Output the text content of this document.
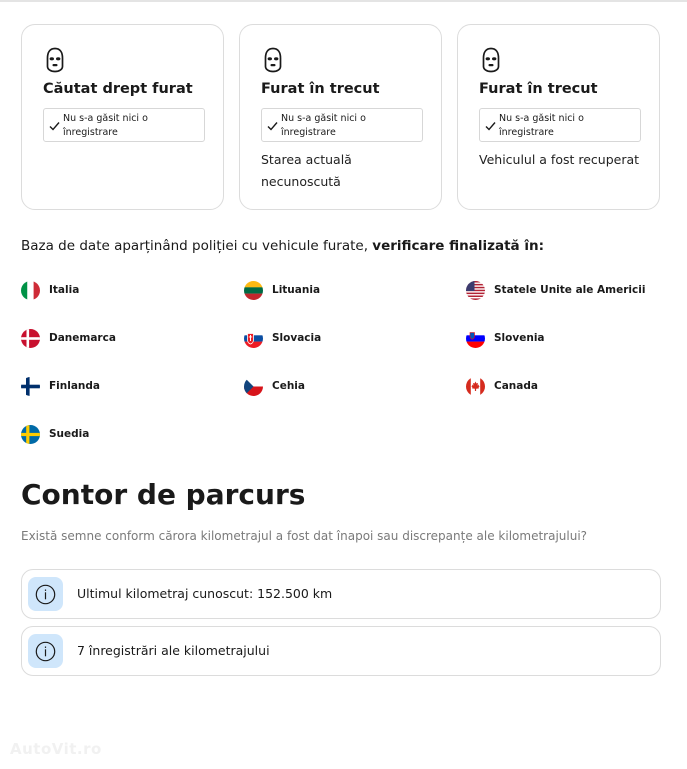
Căutat drept furat
Nu s-a găsit nici o înregistrare
Furat în trecut
Nu s-a găsit nici o înregistrare
Starea actuală necunoscută
Furat în trecut
Nu s-a găsit nici o înregistrare
Vehiculul a fost recuperat
Baza de date aparținând poliției cu vehicule furate, verificare finalizată în:
Italia	Lituania	Statele Unite ale Americii
Danemarca	Slovacia	Slovenia
Finlanda	Cehia	Canada
Suedia
Contor de parcurs
Există semne conform cărora kilometrajul a fost dat înapoi sau discrepanțe ale kilometrajului?
Ultimul kilometraj cunoscut: 152.500 km
7 înregistrări ale kilometrajului
AutoVit.ro
